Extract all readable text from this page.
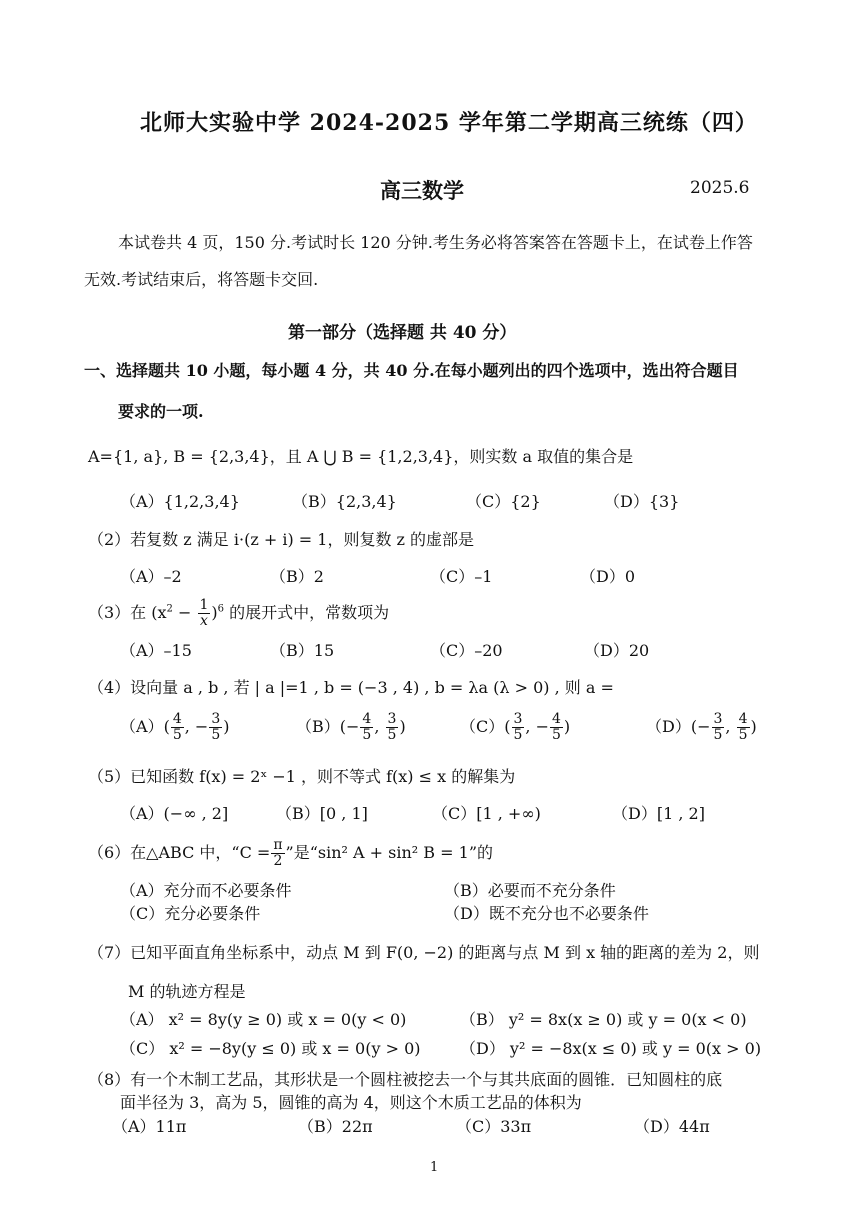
北师大实验中学 2024-2025 学年第二学期高三统练（四）
高三数学	2025.6
本试卷共 4 页，150 分.考试时长 120 分钟.考生务必将答案答在答题卡上，在试卷上作答
无效.考试结束后，将答题卡交回.
第一部分（选择题 共 40 分）
一、选择题共 10 小题，每小题 4 分，共 40 分.在每小题列出的四个选项中，选出符合题目
要求的一项.
A={1, a}, B = {2,3,4}，且 A ⋃ B = {1,2,3,4}，则实数 a 取值的集合是
（A）{1,2,3,4}	（B）{2,3,4}	（C）{2}	（D）{3}
（2）若复数 z 满足 i·(z + i) = 1，则复数 z 的虚部是
（A）–2	（B）2	（C）–1	（D）0
（3）在 $(x^2 - \frac{1}{x} )^6$ 的展开式中，常数项为
（A）–15	（B）15	（C）–20	（D）20
（4）设向量 a , b , 若 | a |=1 , b = (−3 , 4) , b = λa (λ > 0) , 则 a =
$(A)( \frac{4}{5}$ , − $\frac{3}{5}$ )	$(B)(- \frac{4}{5}$ , $\frac{3}{5}$ )	$(C)( \frac{3}{5}$ , − $\frac{4}{5}$ )	$(D)(- \frac{3}{5}$ , $\frac{4}{5}$ )
（5）已知函数 f(x) = 2ˣ −1 ，则不等式 f(x) ≤ x 的解集为
（A）(−∞ , 2]	（B）[0 , 1]	（C）[1 , +∞)	（D）[1 , 2]
（6）在△ABC 中，“$C = \frac{\pi}{2}$ ”是“sin² A + sin² B = 1”的
（A）充分而不必要条件	（B）必要而不充分条件
（C）充分必要条件	（D）既不充分也不必要条件
（7）已知平面直角坐标系中，动点 M 到 F(0, −2) 的距离与点 M 到 x 轴的距离的差为 2，则
M 的轨迹方程是
（A） x² = 8y(y ≥ 0) 或 x = 0(y < 0)	（B） y² = 8x(x ≥ 0) 或 y = 0(x < 0)
（C） x² = −8y(y ≤ 0) 或 x = 0(y > 0) （D） y² = −8x(x ≤ 0) 或 y = 0(x > 0)
（8）有一个木制工艺品，其形状是一个圆柱被挖去一个与其共底面的圆锥．已知圆柱的底
面半径为 3，高为 5，圆锥的高为 4，则这个木质工艺品的体积为
（A）11π	（B）22π	（C）33π	（D）44π
1
